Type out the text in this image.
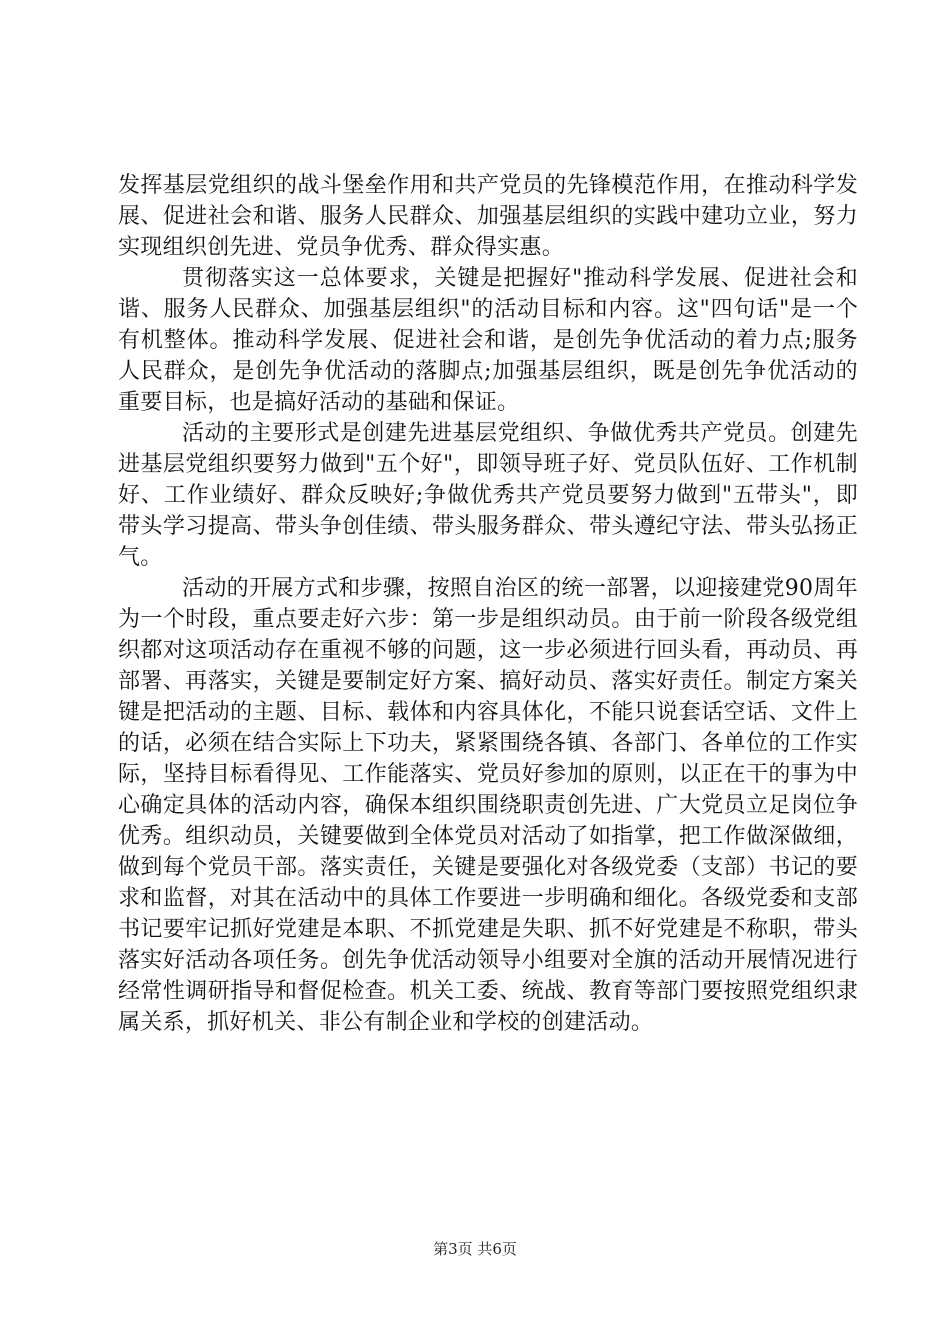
发挥基层党组织的战斗堡垒作用和共产党员的先锋模范作用，在推动科学发展、促进社会和谐、服务人民群众、加强基层组织的实践中建功立业，努力实现组织创先进、党员争优秀、群众得实惠。

贯彻落实这一总体要求，关键是把握好"推动科学发展、促进社会和谐、服务人民群众、加强基层组织"的活动目标和内容。这"四句话"是一个有机整体。推动科学发展、促进社会和谐，是创先争优活动的着力点;服务人民群众，是创先争优活动的落脚点;加强基层组织，既是创先争优活动的重要目标，也是搞好活动的基础和保证。

活动的主要形式是创建先进基层党组织、争做优秀共产党员。创建先进基层党组织要努力做到"五个好"，即领导班子好、党员队伍好、工作机制好、工作业绩好、群众反映好;争做优秀共产党员要努力做到"五带头"，即带头学习提高、带头争创佳绩、带头服务群众、带头遵纪守法、带头弘扬正气。

活动的开展方式和步骤，按照自治区的统一部署，以迎接建党90周年为一个时段，重点要走好六步：第一步是组织动员。由于前一阶段各级党组织都对这项活动存在重视不够的问题，这一步必须进行回头看，再动员、再部署、再落实，关键是要制定好方案、搞好动员、落实好责任。制定方案关键是把活动的主题、目标、载体和内容具体化，不能只说套话空话、文件上的话，必须在结合实际上下功夫，紧紧围绕各镇、各部门、各单位的工作实际，坚持目标看得见、工作能落实、党员好参加的原则，以正在干的事为中心确定具体的活动内容，确保本组织围绕职责创先进、广大党员立足岗位争优秀。组织动员，关键要做到全体党员对活动了如指掌，把工作做深做细，做到每个党员干部。落实责任，关键是要强化对各级党委（支部）书记的要求和监督，对其在活动中的具体工作要进一步明确和细化。各级党委和支部书记要牢记抓好党建是本职、不抓党建是失职、抓不好党建是不称职，带头落实好活动各项任务。创先争优活动领导小组要对全旗的活动开展情况进行经常性调研指导和督促检查。机关工委、统战、教育等部门要按照党组织隶属关系，抓好机关、非公有制企业和学校的创建活动。

第3页 共6页
